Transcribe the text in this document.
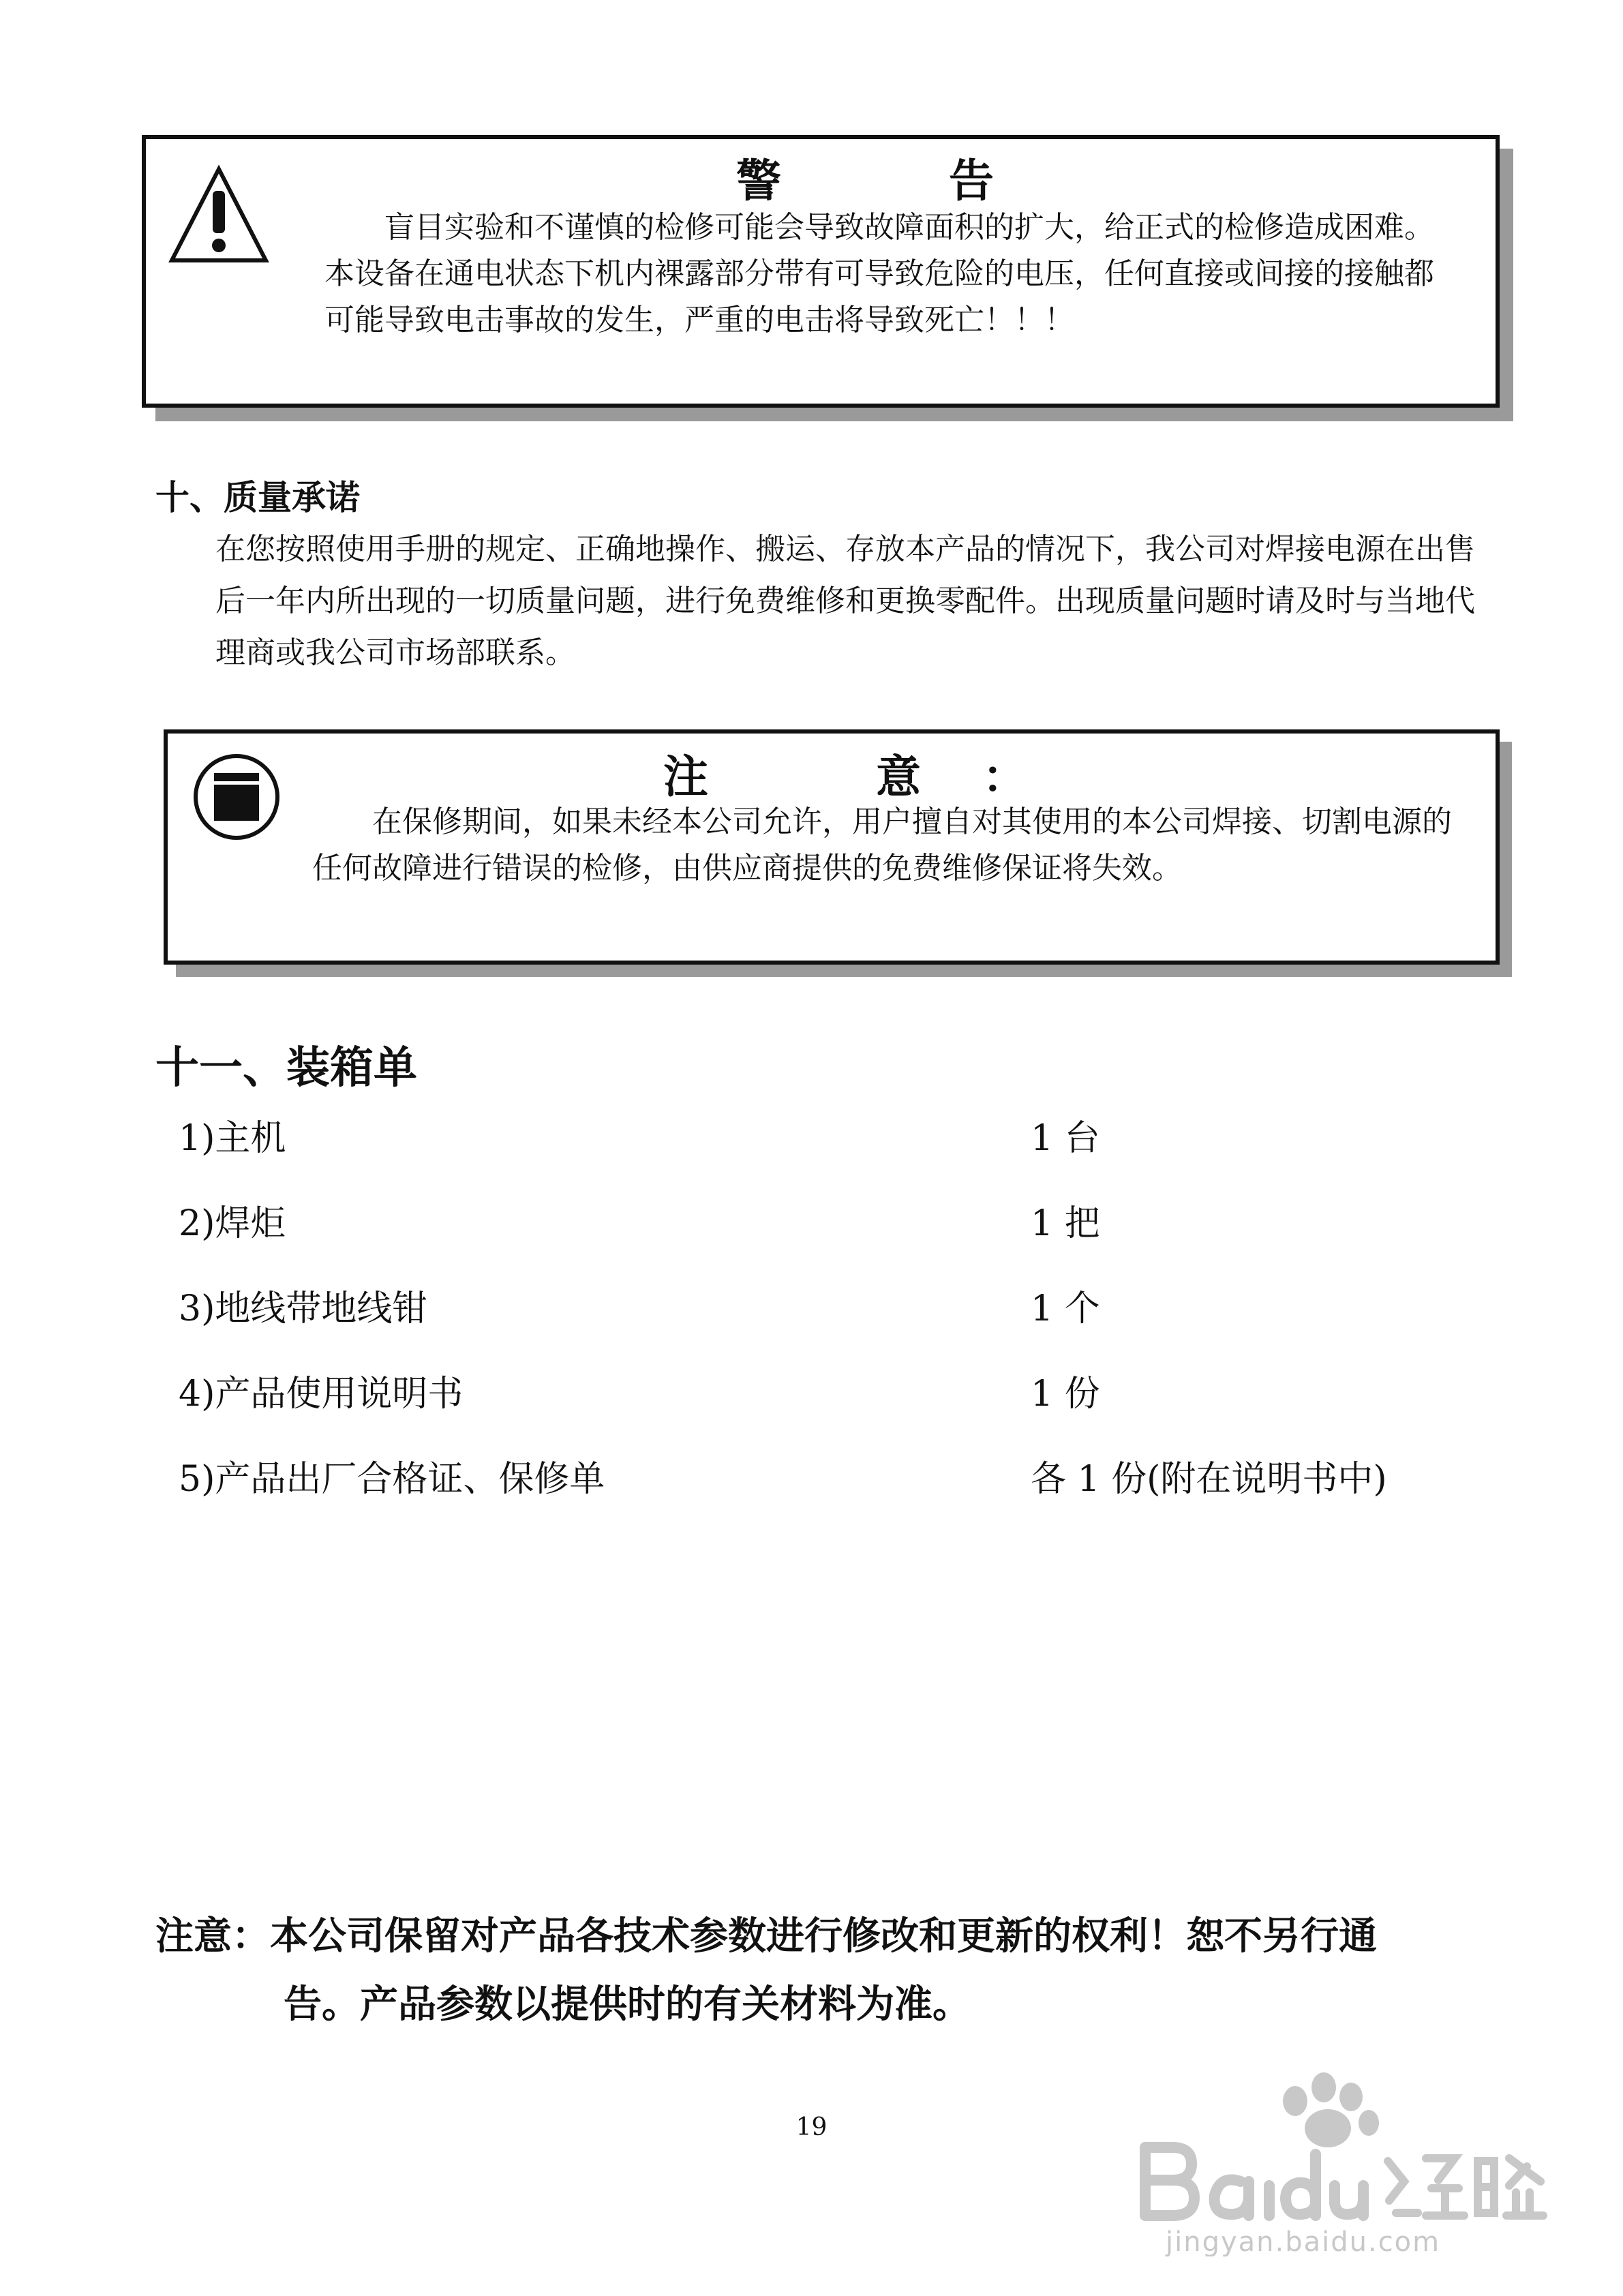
警　告
盲目实验和不谨慎的检修可能会导致故障面积的扩大，给正式的检修造成困难。本设备在通电状态下机内裸露部分带有可导致危险的电压，任何直接或间接的接触都可能导致电击事故的发生，严重的电击将导致死亡！！！
十、质量承诺
在您按照使用手册的规定、正确地操作、搬运、存放本产品的情况下，我公司对焊接电源在出售后一年内所出现的一切质量问题，进行免费维修和更换零配件。出现质量问题时请及时与当地代理商或我公司市场部联系。
注　意：
在保修期间，如果未经本公司允许，用户擅自对其使用的本公司焊接、切割电源的任何故障进行错误的检修，由供应商提供的免费维修保证将失效。
十一、装箱单
1)主机	1 台
2)焊炬	1 把
3)地线带地线钳	1 个
4)产品使用说明书	1 份
5)产品出厂合格证、保修单	各 1 份(附在说明书中)
注意：本公司保留对产品各技术参数进行修改和更新的权利！恕不另行通
告。产品参数以提供时的有关材料为准。
19
jingyan.baidu.com
